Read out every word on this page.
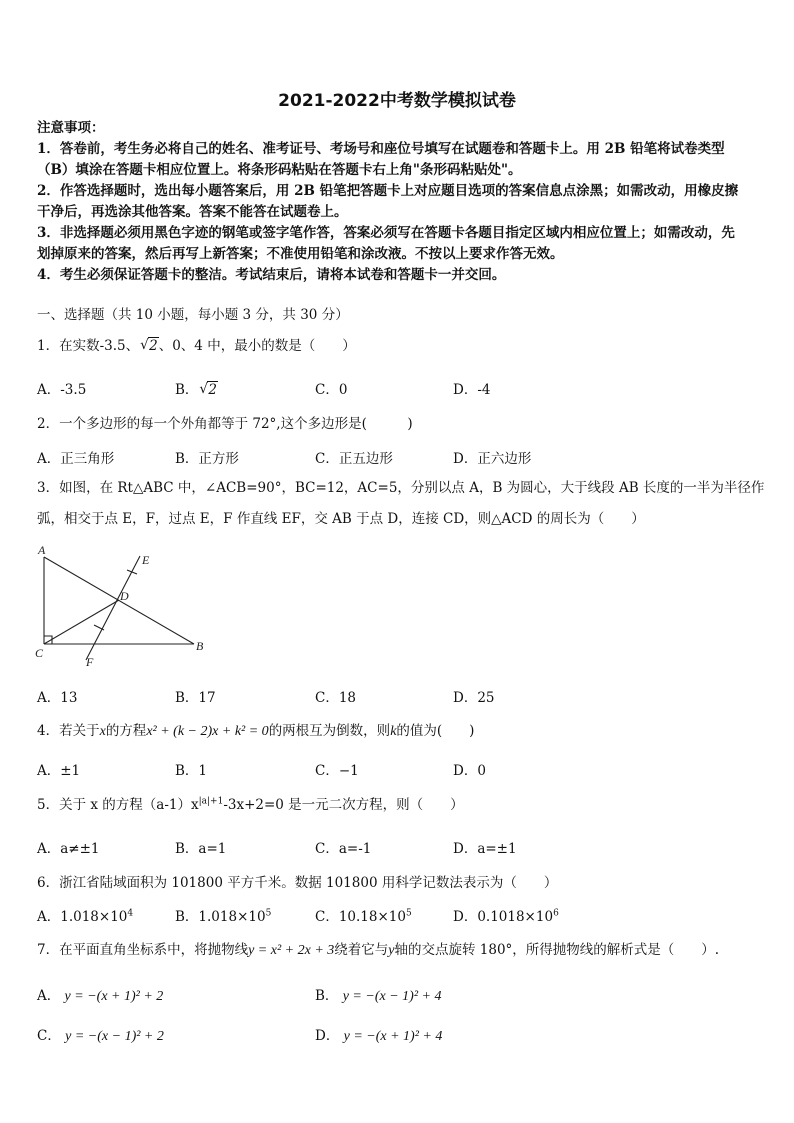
2021-2022中考数学模拟试卷
注意事项：
1．答卷前，考生务必将自己的姓名、准考证号、考场号和座位号填写在试题卷和答题卡上。用 2B 铅笔将试卷类型
（B）填涂在答题卡相应位置上。将条形码粘贴在答题卡右上角"条形码粘贴处"。
2．作答选择题时，选出每小题答案后，用 2B 铅笔把答题卡上对应题目选项的答案信息点涂黑；如需改动，用橡皮擦
干净后，再选涂其他答案。答案不能答在试题卷上。
3．非选择题必须用黑色字迹的钢笔或签字笔作答，答案必须写在答题卡各题目指定区域内相应位置上；如需改动，先
划掉原来的答案，然后再写上新答案；不准使用铅笔和涂改液。不按以上要求作答无效。
4．考生必须保证答题卡的整洁。考试结束后，请将本试卷和答题卡一并交回。
一、选择题（共 10 小题，每小题 3 分，共 30 分）
1．在实数-3.5、 √ 2、0、4 中，最小的数是（　　）
A．-3.5	B． √ 2	C．0	D．-4
2．一个多边形的每一个外角都等于 72°,这个多边形是(　　　)
A．正三角形	B．正方形	C．正五边形	D．正六边形
3．如图，在 Rt△ABC 中，∠ACB=90°，BC=12，AC=5，分别以点 A，B 为圆心，大于线段 AB 长度的一半为半径作
弧，相交于点 E，F，过点 E，F 作直线 EF，交 AB 于点 D，连接 CD，则△ACD 的周长为（　　）
A
C	B
D
E
F
A．13	B．17	C．18	D．25
4．若关于x的方程x² + (k − 2)x + k² = 0的两根互为倒数，则k的值为(　　)
A．±1	B．1	C．−1	D．0
5．关于 x 的方程$(a-1)x^{|a|+1}-3x+2=0$ 是一元二次方程，则（　　）
A．a≠±1	B．a=1	C．a=-1	D．a=±1
6．浙江省陆域面积为 101800 平方千米。数据 101800 用科学记数法表示为（　　）
A．$1.018\times 10^4$	B．$1.018\times 10^5$	C．$10.18\times 10^5$	D．$0.1018\times 10^6$
7．在平面直角坐标系中，将抛物线y = x² + 2x + 3绕着它与y轴的交点旋转 180°，所得抛物线的解析式是（　　）.
A． y = −(x + 1)² + 2	B． y = −(x − 1)² + 4
C． y = −(x − 1)² + 2	D． y = −(x + 1)² + 4
